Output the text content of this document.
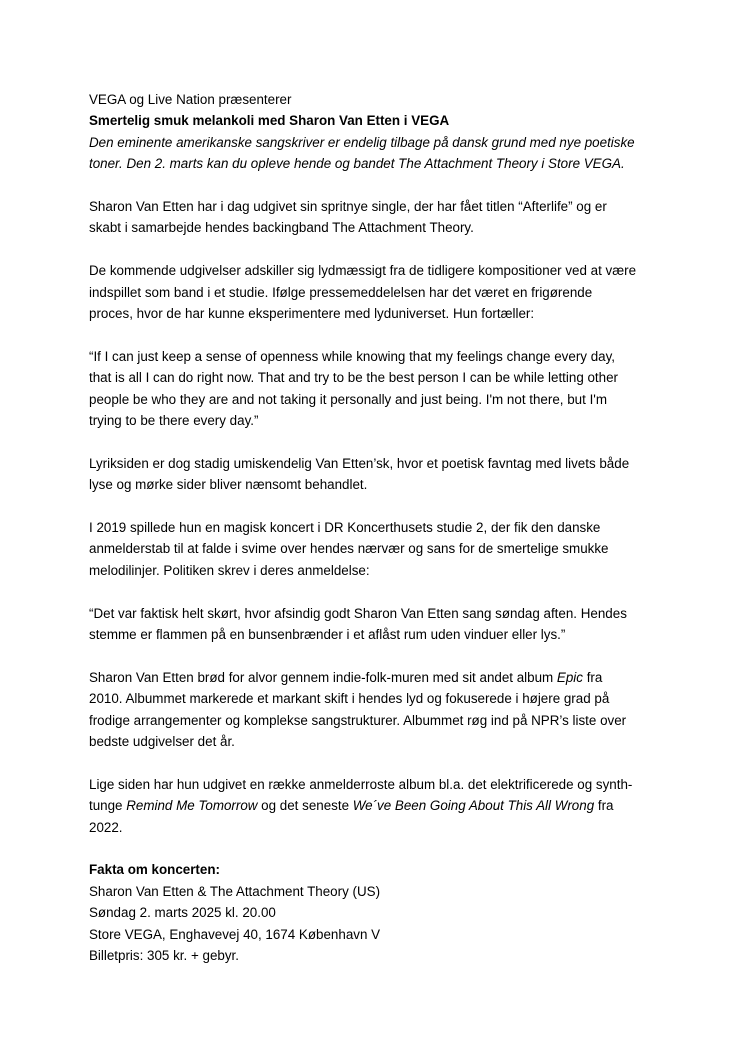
VEGA og Live Nation præsenterer
Smertelig smuk melankoli med Sharon Van Etten i VEGA
Den eminente amerikanske sangskriver er endelig tilbage på dansk grund med nye poetiske
toner. Den 2. marts kan du opleve hende og bandet The Attachment Theory i Store VEGA.
Sharon Van Etten har i dag udgivet sin spritnye single, der har fået titlen “Afterlife” og er
skabt i samarbejde hendes backingband The Attachment Theory.
De kommende udgivelser adskiller sig lydmæssigt fra de tidligere kompositioner ved at være
indspillet som band i et studie. Ifølge pressemeddelelsen har det været en frigørende
proces, hvor de har kunne eksperimentere med lyduniverset. Hun fortæller:
“If I can just keep a sense of openness while knowing that my feelings change every day,
that is all I can do right now. That and try to be the best person I can be while letting other
people be who they are and not taking it personally and just being. I'm not there, but I'm
trying to be there every day.”
Lyriksiden er dog stadig umiskendelig Van Etten’sk, hvor et poetisk favntag med livets både
lyse og mørke sider bliver nænsomt behandlet.
I 2019 spillede hun en magisk koncert i DR Koncerthusets studie 2, der fik den danske
anmelderstab til at falde i svime over hendes nærvær og sans for de smertelige smukke
melodilinjer. Politiken skrev i deres anmeldelse:
“Det var faktisk helt skørt, hvor afsindig godt Sharon Van Etten sang søndag aften. Hendes
stemme er flammen på en bunsenbrænder i et aflåst rum uden vinduer eller lys.”
Sharon Van Etten brød for alvor gennem indie-folk-muren med sit andet album Epic fra
2010. Albummet markerede et markant skift i hendes lyd og fokuserede i højere grad på
frodige arrangementer og komplekse sangstrukturer. Albummet røg ind på NPR’s liste over
bedste udgivelser det år.
Lige siden har hun udgivet en række anmelderroste album bl.a. det elektrificerede og synth-
tunge Remind Me Tomorrow og det seneste We´ve Been Going About This All Wrong fra
2022.
Fakta om koncerten:
Sharon Van Etten & The Attachment Theory (US)
Søndag 2. marts 2025 kl. 20.00
Store VEGA, Enghavevej 40, 1674 København V
Billetpris: 305 kr. + gebyr.
